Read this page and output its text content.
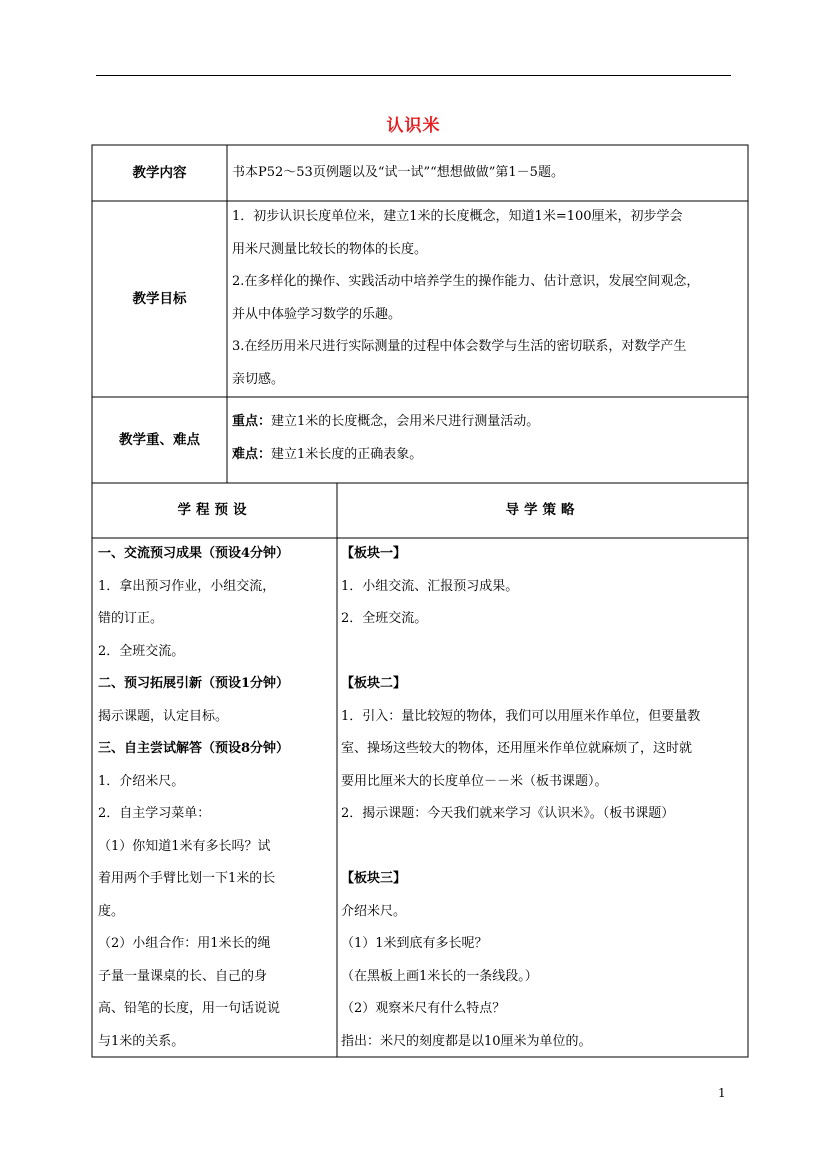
认识米
教学内容	书本P52～53页例题以及“试一试”“想想做做”第1－5题。
教学目标
1．初步认识长度单位米，建立1米的长度概念，知道1米=100厘米，初步学会
用米尺测量比较长的物体的长度。
2.在多样化的操作、实践活动中培养学生的操作能力、估计意识，发展空间观念，
并从中体验学习数学的乐趣。
3.在经历用米尺进行实际测量的过程中体会数学与生活的密切联系，对数学产生
亲切感。
教学重、难点
重点：建立1米的长度概念，会用米尺进行测量活动。
难点：建立1米长度的正确表象。
学程预设	导学策略
一、交流预习成果（预设4分钟）
1．拿出预习作业，小组交流，
错的订正。
2．全班交流。
二、预习拓展引新（预设1分钟）
揭示课题，认定目标。
三、自主尝试解答（预设8分钟）
1．介绍米尺。
2．自主学习菜单：
（1）你知道1米有多长吗？试
着用两个手臂比划一下1米的长
度。
（2）小组合作：用1米长的绳
子量一量课桌的长、自己的身
高、铅笔的长度，用一句话说说
与1米的关系。
【板块一】
1．小组交流、汇报预习成果。
2．全班交流。
【板块二】
1．引入：量比较短的物体，我们可以用厘米作单位，但要量教
室、操场这些较大的物体，还用厘米作单位就麻烦了，这时就
要用比厘米大的长度单位－－米（板书课题）。
2．揭示课题：今天我们就来学习《认识米》。（板书课题）
【板块三】
介绍米尺。
（1）1米到底有多长呢？
（在黑板上画1米长的一条线段。）
（2）观察米尺有什么特点？
指出：米尺的刻度都是以10厘米为单位的。
1
